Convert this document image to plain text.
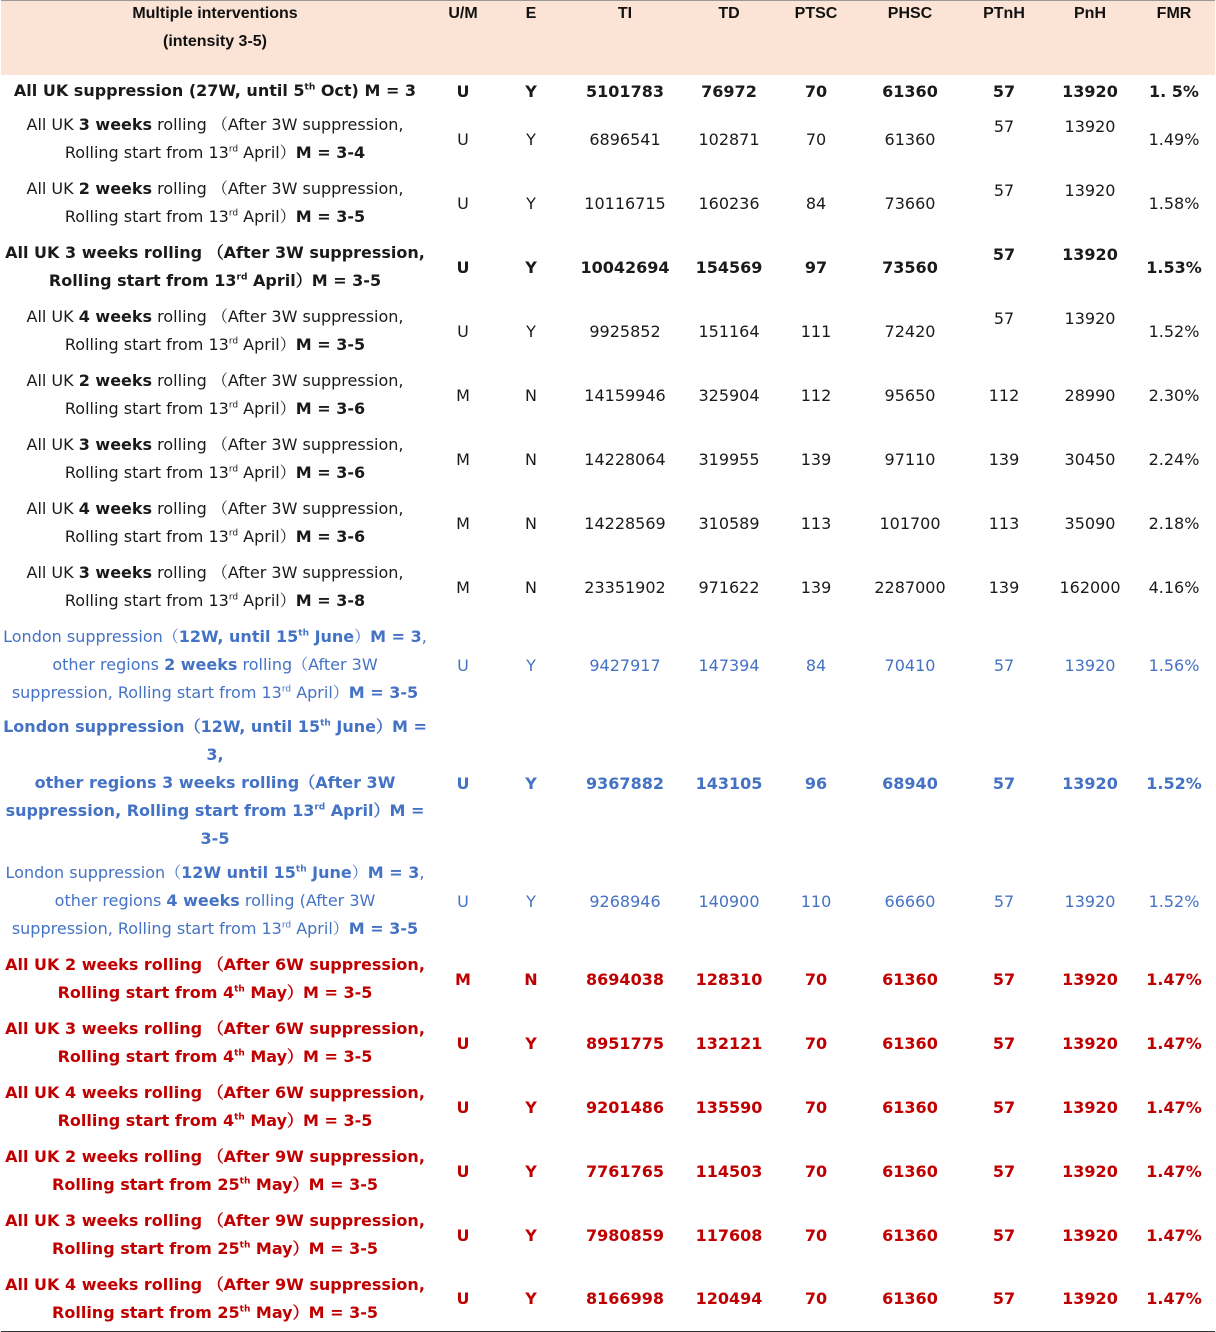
Multiple interventions
(intensity 3-5)	U/M	E	TI	TD	PTSC	PHSC	PTnH	PnH	FMR
All UK suppression (27W, until 5th Oct) M = 3	U	Y	5101783	76972	70	61360	57	13920	1. 5%
All UK 3 weeks rolling （After 3W suppression,
Rolling start from 13rd April）M = 3-4	U	Y	6896541	102871	70	61360	57	13920	1.49%
All UK 2 weeks rolling （After 3W suppression,
Rolling start from 13rd April）M = 3-5	U	Y	10116715	160236	84	73660	57	13920	1.58%
All UK 3 weeks rolling （After 3W suppression,
Rolling start from 13rd April）M = 3-5	U	Y	10042694	154569	97	73560	57	13920	1.53%
All UK 4 weeks rolling （After 3W suppression,
Rolling start from 13rd April）M = 3-5	U	Y	9925852	151164	111	72420	57	13920	1.52%
All UK 2 weeks rolling （After 3W suppression,
Rolling start from 13rd April）M = 3-6	M	N	14159946	325904	112	95650	112	28990	2.30%
All UK 3 weeks rolling （After 3W suppression,
Rolling start from 13rd April）M = 3-6	M	N	14228064	319955	139	97110	139	30450	2.24%
All UK 4 weeks rolling （After 3W suppression,
Rolling start from 13rd April）M = 3-6	M	N	14228569	310589	113	101700	113	35090	2.18%
All UK 3 weeks rolling （After 3W suppression,
Rolling start from 13rd April）M = 3-8	M	N	23351902	971622	139	2287000	139	162000	4.16%
London suppression（12W, until 15th June）M = 3,
other regions 2 weeks rolling（After 3W
suppression, Rolling start from 13rd April）M = 3-5	U	Y	9427917	147394	84	70410	57	13920	1.56%
London suppression（12W, until 15th June）M = 3,
other regions 3 weeks rolling（After 3W
suppression, Rolling start from 13rd April）M = 3-5	U	Y	9367882	143105	96	68940	57	13920	1.52%
London suppression（12W until 15th June）M = 3,
other regions 4 weeks rolling (After 3W
suppression, Rolling start from 13rd April）M = 3-5	U	Y	9268946	140900	110	66660	57	13920	1.52%
All UK 2 weeks rolling （After 6W suppression,
Rolling start from 4th May）M = 3-5	M	N	8694038	128310	70	61360	57	13920	1.47%
All UK 3 weeks rolling （After 6W suppression,
Rolling start from 4th May）M = 3-5	U	Y	8951775	132121	70	61360	57	13920	1.47%
All UK 4 weeks rolling （After 6W suppression,
Rolling start from 4th May）M = 3-5	U	Y	9201486	135590	70	61360	57	13920	1.47%
All UK 2 weeks rolling （After 9W suppression,
Rolling start from 25th May）M = 3-5	U	Y	7761765	114503	70	61360	57	13920	1.47%
All UK 3 weeks rolling （After 9W suppression,
Rolling start from 25th May）M = 3-5	U	Y	7980859	117608	70	61360	57	13920	1.47%
All UK 4 weeks rolling （After 9W suppression,
Rolling start from 25th May）M = 3-5	U	Y	8166998	120494	70	61360	57	13920	1.47%
